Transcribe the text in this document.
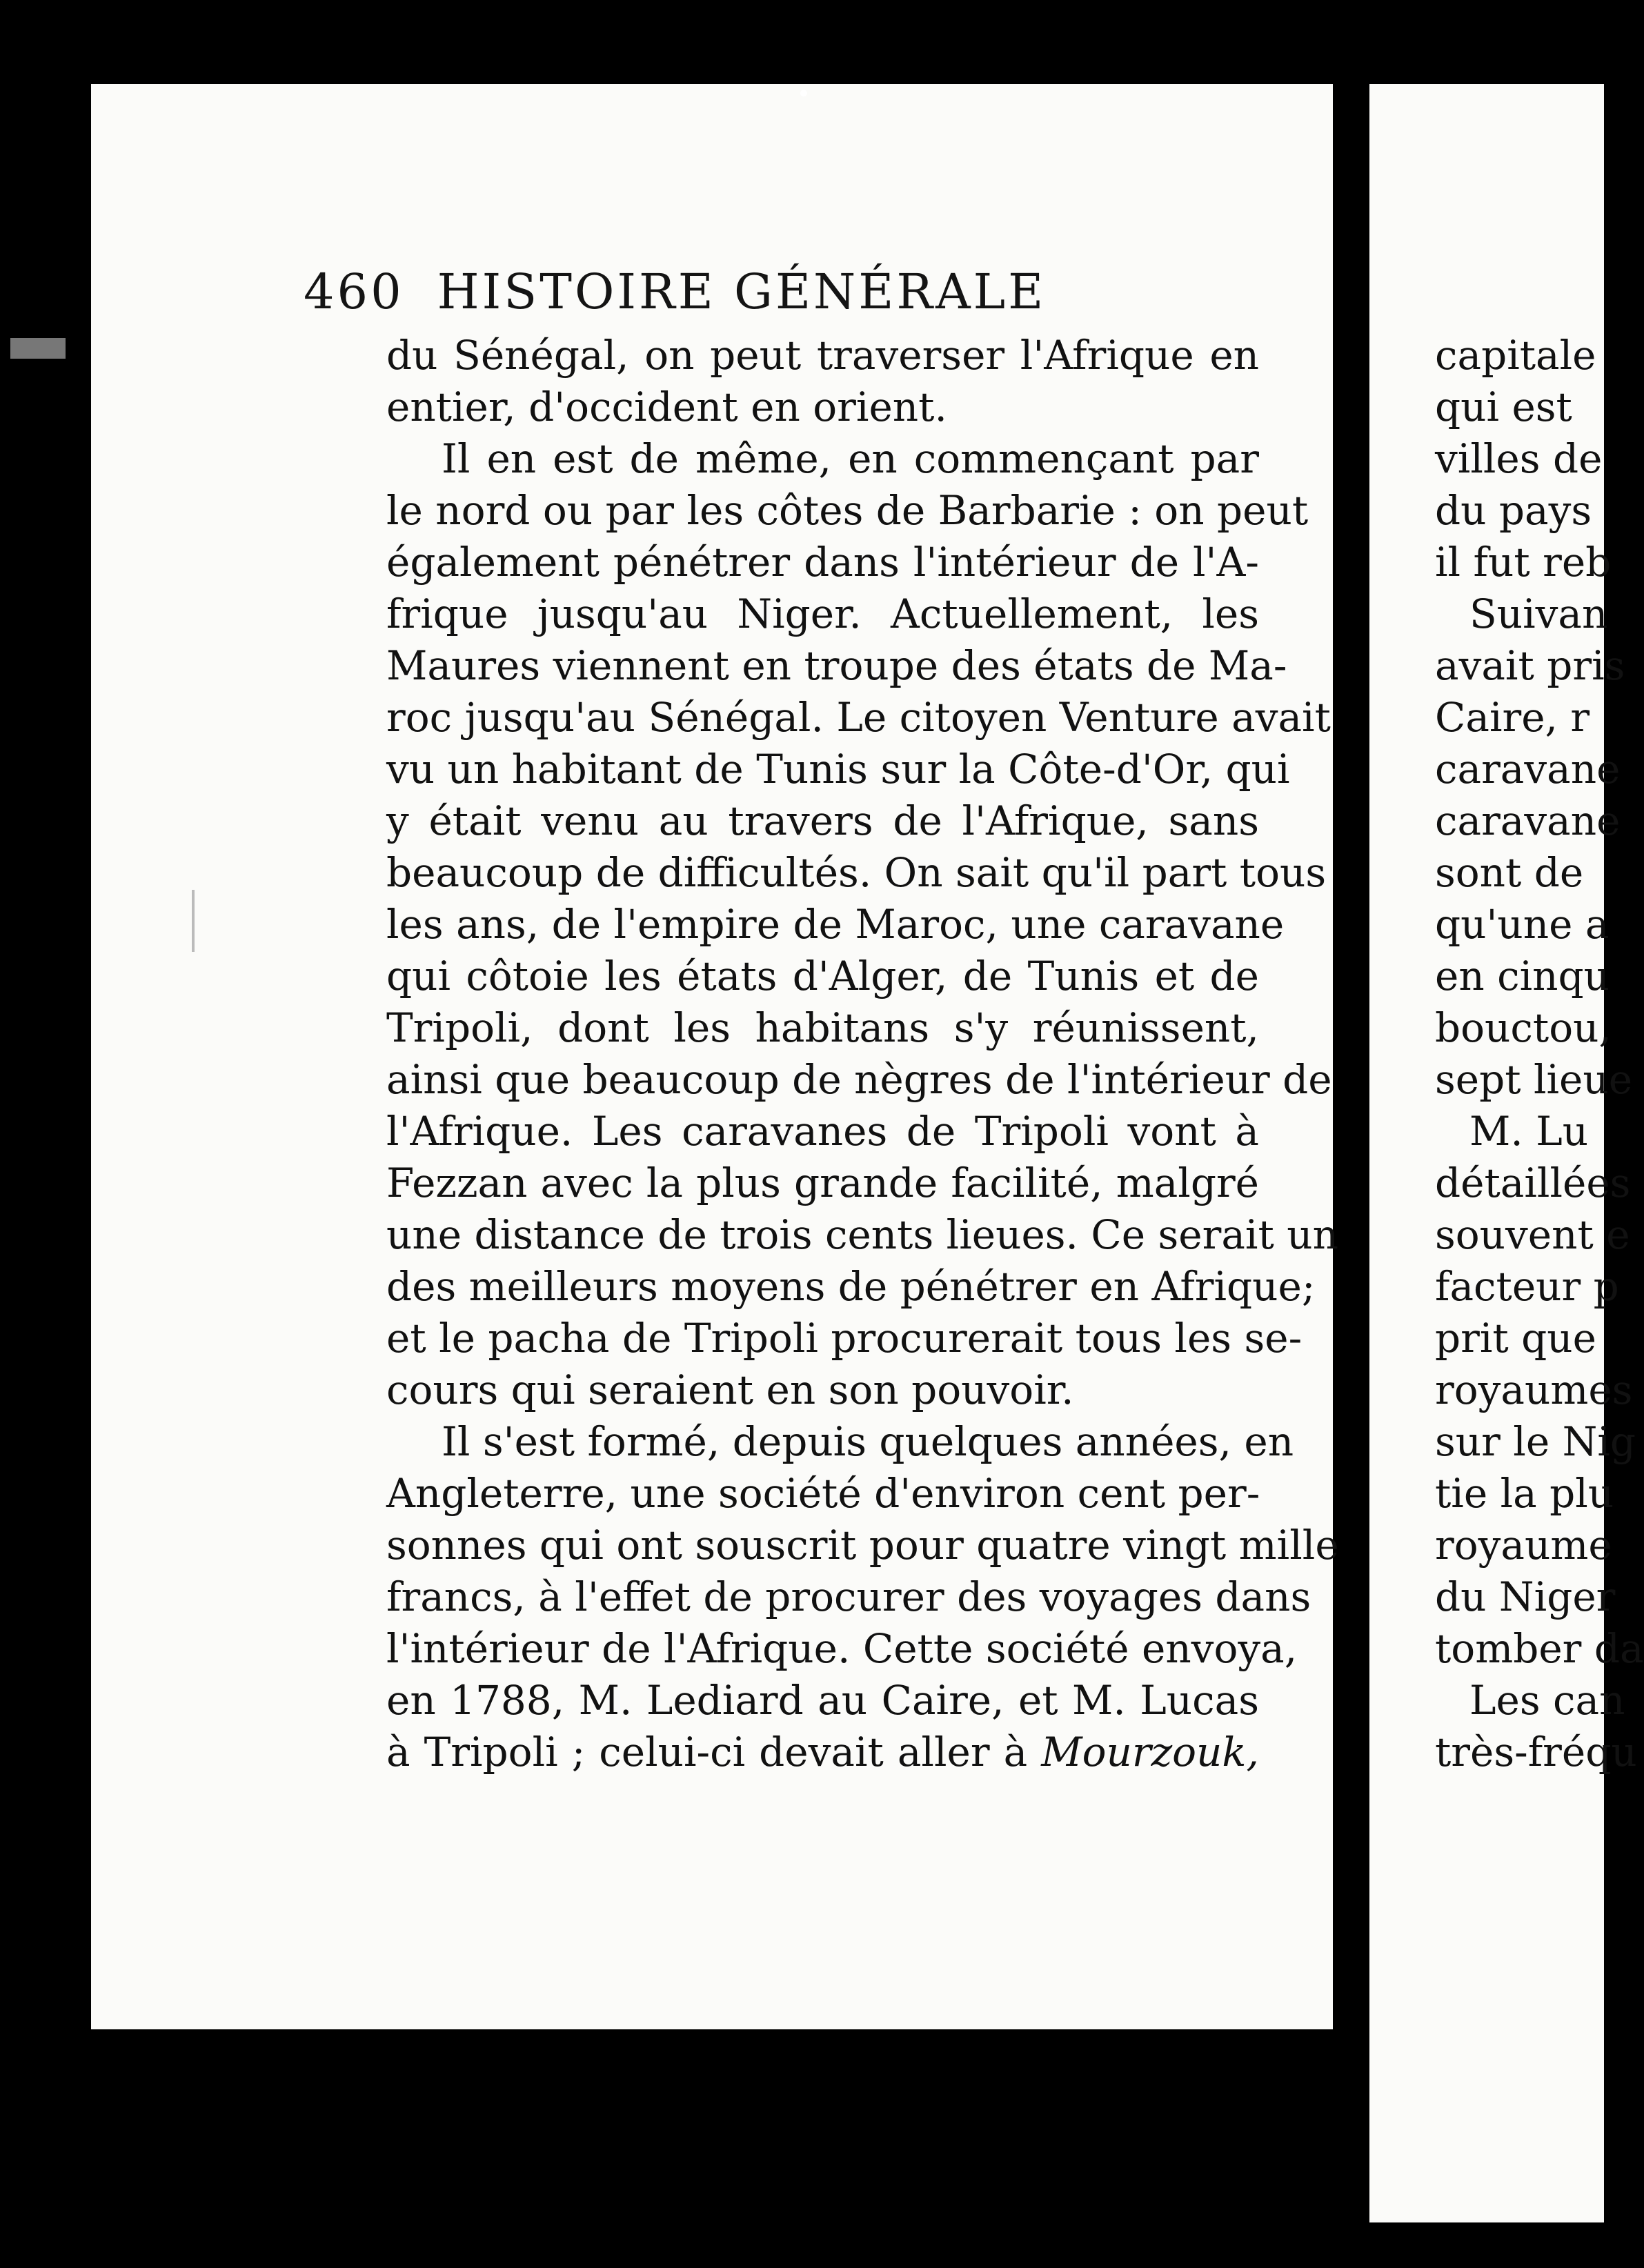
460 HISTOIRE GÉNÉRALE
du Sénégal, on peut traverser l'Afrique en
entier, d'occident en orient.
Il en est de même, en commençant par
le nord ou par les côtes de Barbarie : on peut
également pénétrer dans l'intérieur de l'A-
frique jusqu'au Niger. Actuellement, les
Maures viennent en troupe des états de Ma-
roc jusqu'au Sénégal. Le citoyen Venture avait
vu un habitant de Tunis sur la Côte-d'Or, qui
y était venu au travers de l'Afrique, sans
beaucoup de difficultés. On sait qu'il part tous
les ans, de l'empire de Maroc, une caravane
qui côtoie les états d'Alger, de Tunis et de
Tripoli, dont les habitans s'y réunissent,
ainsi que beaucoup de nègres de l'intérieur de
l'Afrique. Les caravanes de Tripoli vont à
Fezzan avec la plus grande facilité, malgré
une distance de trois cents lieues. Ce serait un
des meilleurs moyens de pénétrer en Afrique;
et le pacha de Tripoli procurerait tous les se-
cours qui seraient en son pouvoir.
Il s'est formé, depuis quelques années, en
Angleterre, une société d'environ cent per-
sonnes qui ont souscrit pour quatre vingt mille
francs, à l'effet de procurer des voyages dans
l'intérieur de l'Afrique. Cette société envoya,
en 1788, M. Lediard au Caire, et M. Lucas
à Tripoli ; celui-ci devait aller à Mourzouk,
capitale
qui est
villes de
du pays
il fut reb
Suivan
avait pris
Caire, r
caravane
caravane
sont de
qu'une a
en cinqu
bouctou,
sept lieue
M. Lu
détaillées
souvent e
facteur p
prit que
royaumes
sur le Nig
tie la plu
royaume
du Niger
tomber da
Les can
très-fréqu
